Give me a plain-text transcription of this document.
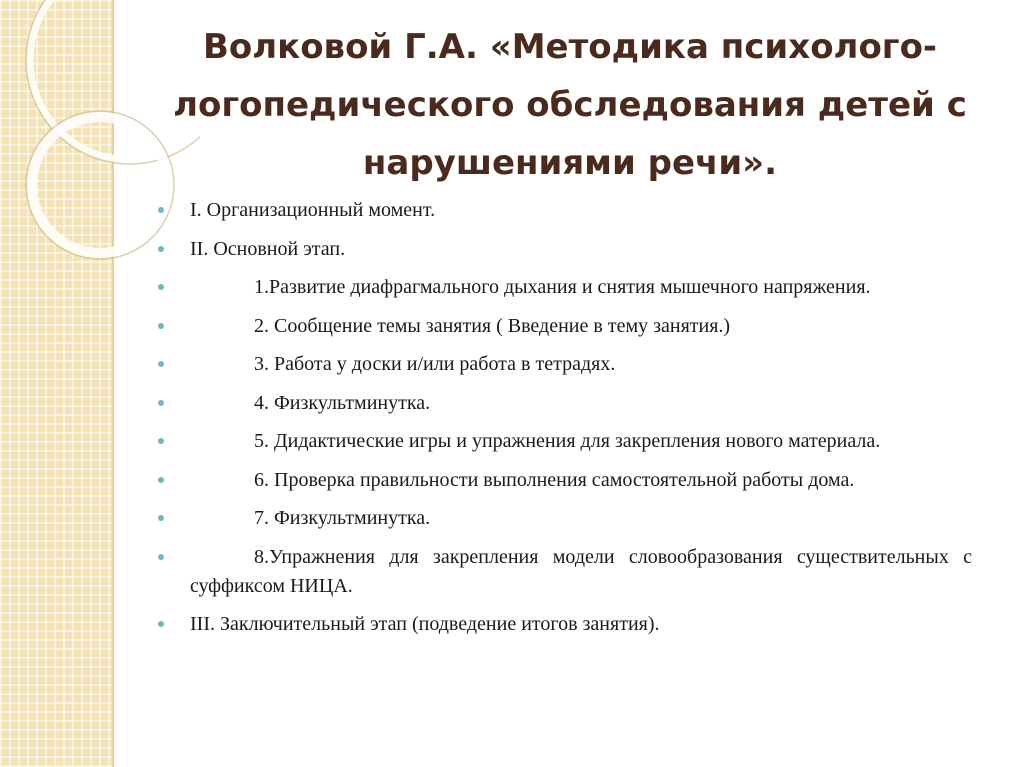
Волковой Г.А. «Методика психолого-логопедического обследования детей с нарушениями речи».
I. Организационный момент.
II. Основной этап.
1.Развитие диафрагмального дыхания и снятия мышечного напряжения.
2. Сообщение темы занятия ( Введение в тему занятия.)
3. Работа у доски и/или работа в тетрадях.
4. Физкультминутка.
5. Дидактические игры и упражнения для закрепления нового материала.
6. Проверка правильности выполнения самостоятельной работы дома.
7. Физкультминутка.
8.Упражнения для закрепления модели словообразования существительных с суффиксом НИЦА.
III. Заключительный этап (подведение итогов занятия).
